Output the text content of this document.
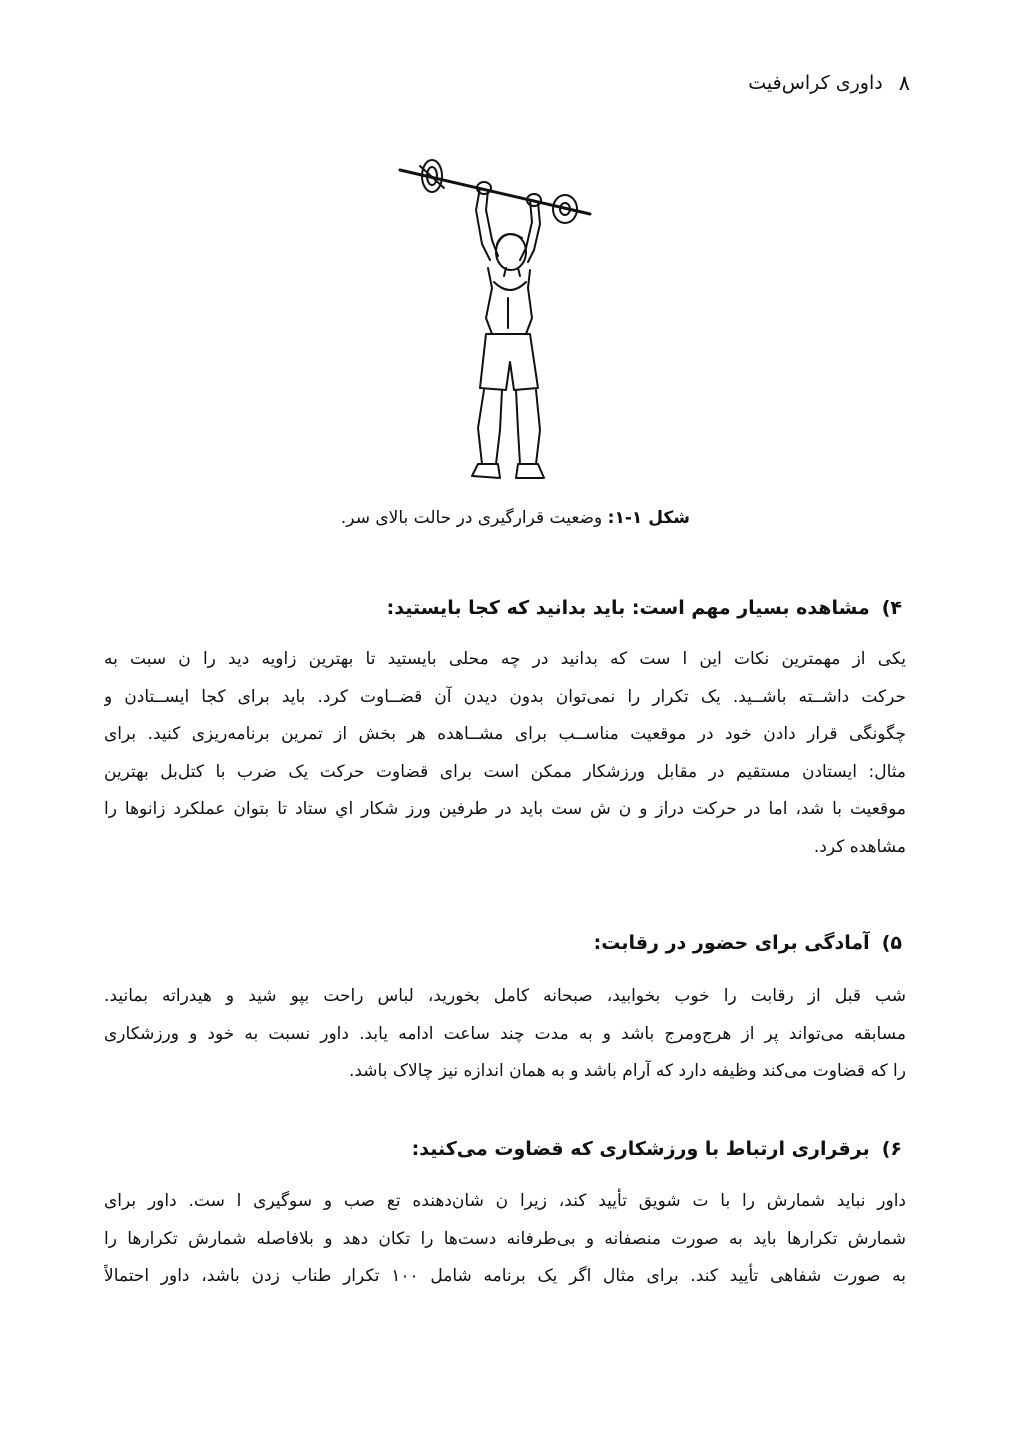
۸
داوری کراس‌فیت
شکل ۱-۱: وضعیت قرارگیری در حالت بالای سر.
۴)مشاهده بسیار مهم است: باید بدانید که کجا بایستید:
یکی از مهمترین نکات این ا ست که بدانید در چه محلی بایستید تا بهترین زاویه دید را ن سبت به
حرکت داشــته باشــید. یک تکرار را نمی‌توان بدون دیدن آن قضــاوت کرد. باید برای کجا ایســتادن و
چگونگی قرار دادن خود در موقعیت مناســب برای مشــاهده هر بخش از تمرین برنامه‌ریزی کنید. برای
مثال: ایستادن مستقیم در مقابل ورزشکار ممکن است برای قضاوت حرکت یک ضرب با کتل‌بل بهترین
موقعیت با شد، اما در حرکت دراز و ن ش ست باید در طرفین ورز شکار اي ستاد تا بتوان عملکرد زانوها را
مشاهده کرد.
۵)آمادگی برای حضور در رقابت:
شب قبل از رقابت را خوب بخوابید، صبحانه کامل بخورید، لباس راحت بپو شید و هیدراته بمانید.
مسابقه می‌تواند پر از هرج‌ومرج باشد و به مدت چند ساعت ادامه یابد. داور نسبت به خود و ورزشکاری
را که قضاوت می‌کند وظیفه دارد که آرام باشد و به همان اندازه نیز چالاک باشد.
۶)برقراری ارتباط با ورزشکاری که قضاوت می‌کنید:
داور نباید شمارش را با ت شویق تأیید کند، زیرا ن شان‌دهنده تع صب و سوگیری ا ست. داور برای
شمارش تکرارها باید به صورت منصفانه و بی‌طرفانه دست‌ها را تکان دهد و بلافاصله شمارش تکرارها را
به صورت شفاهی تأیید کند. برای مثال اگر یک برنامه شامل ۱۰۰ تکرار طناب زدن باشد، داور احتمالاً
